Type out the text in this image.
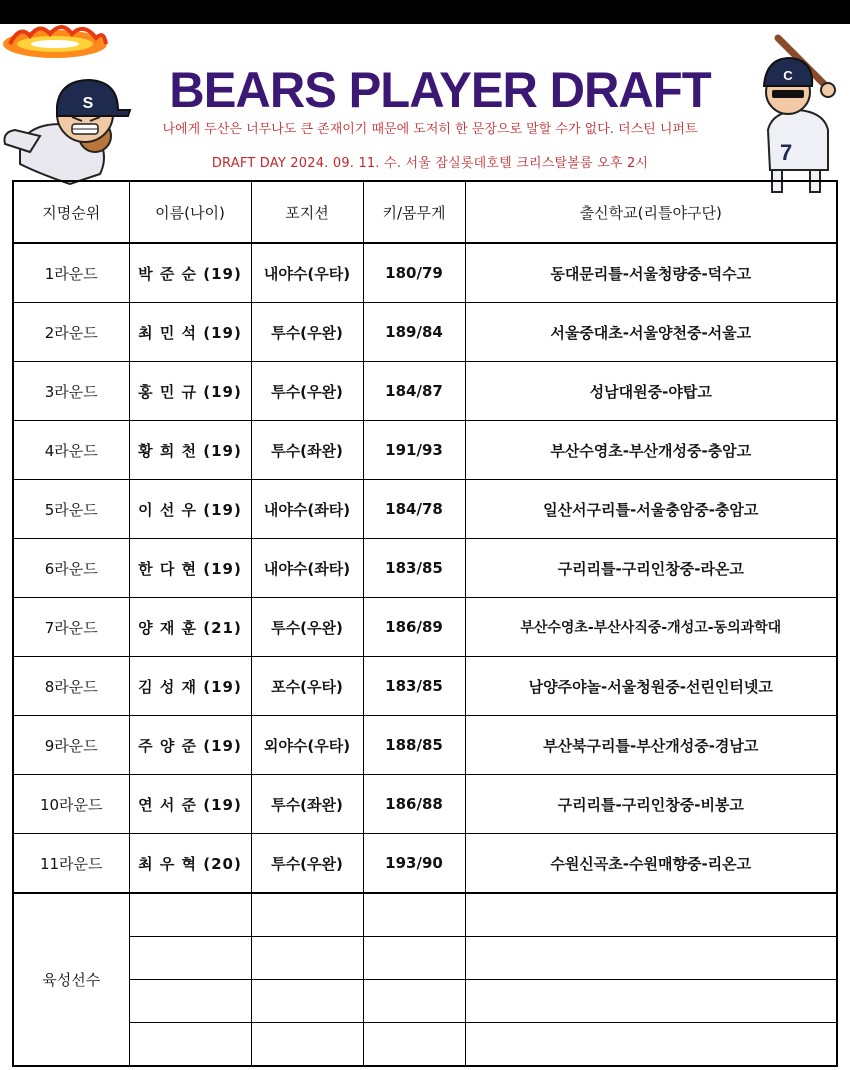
S
7
C
BEARS PLAYER DRAFT
나에게 두산은 너무나도 큰 존재이기 때문에 도저히 한 문장으로 말할 수가 없다. 더스틴 니퍼트
DRAFT DAY 2024. 09. 11. 수. 서울 잠실롯데호텔 크리스탈볼룸 오후 2시
지명순위	이름(나이)	포지션	키/몸무게	출신학교(리틀야구단)
1라운드	박 준 순 (19)	내야수(우타)	180/79	동대문리틀-서울청량중-덕수고
2라운드	최 민 석 (19)	투수(우완)	189/84	서울중대초-서울양천중-서울고
3라운드	홍 민 규 (19)	투수(우완)	184/87	성남대원중-야탑고
4라운드	황 희 천 (19)	투수(좌완)	191/93	부산수영초-부산개성중-충암고
5라운드	이 선 우 (19)	내야수(좌타)	184/78	일산서구리틀-서울충암중-충암고
6라운드	한 다 현 (19)	내야수(좌타)	183/85	구리리틀-구리인창중-라온고
7라운드	양 재 훈 (21)	투수(우완)	186/89	부산수영초-부산사직중-개성고-동의과학대
8라운드	김 성 재 (19)	포수(우타)	183/85	남양주야놀-서울청원중-선린인터넷고
9라운드	주 양 준 (19)	외야수(우타)	188/85	부산북구리틀-부산개성중-경남고
10라운드	연 서 준 (19)	투수(좌완)	186/88	구리리틀-구리인창중-비봉고
11라운드	최 우 혁 (20)	투수(우완)	193/90	수원신곡초-수원매향중-리온고
육성선수				
